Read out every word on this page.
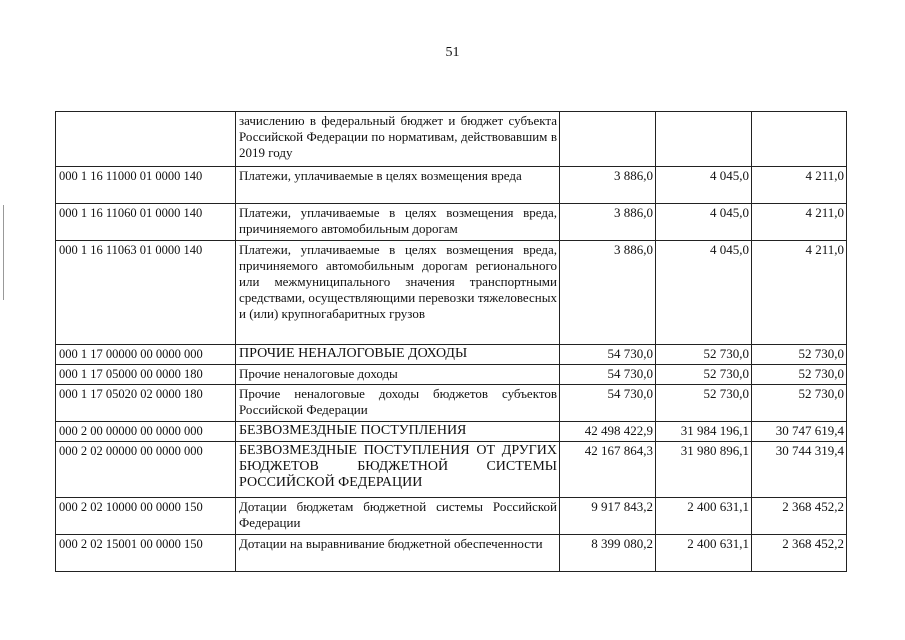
51
	зачислению в федеральный бюджет и бюджет субъекта Российской Федерации по нормативам, действовавшим в 2019 году			
000 1 16 11000 01 0000 140	Платежи, уплачиваемые в целях возмещения вреда	3 886,0	4 045,0	4 211,0
000 1 16 11060 01 0000 140	Платежи, уплачиваемые в целях возмещения вреда, причиняемого автомобильным дорогам	3 886,0	4 045,0	4 211,0
000 1 16 11063 01 0000 140	Платежи, уплачиваемые в целях возмещения вреда, причиняемого автомобильным дорогам регионального или межмуниципального значения транспортными средствами, осуществляющими перевозки тяжеловесных и (или) крупногабаритных грузов	3 886,0	4 045,0	4 211,0
000 1 17 00000 00 0000 000	ПРОЧИЕ НЕНАЛОГОВЫЕ ДОХОДЫ	54 730,0	52 730,0	52 730,0
000 1 17 05000 00 0000 180	Прочие неналоговые доходы	54 730,0	52 730,0	52 730,0
000 1 17 05020 02 0000 180	Прочие неналоговые доходы бюджетов субъектов Российской Федерации	54 730,0	52 730,0	52 730,0
000 2 00 00000 00 0000 000	БЕЗВОЗМЕЗДНЫЕ ПОСТУПЛЕНИЯ	42 498 422,9	31 984 196,1	30 747 619,4
000 2 02 00000 00 0000 000	БЕЗВОЗМЕЗДНЫЕ ПОСТУПЛЕНИЯ ОТ ДРУГИХ БЮДЖЕТОВ БЮДЖЕТНОЙ СИСТЕМЫ РОССИЙСКОЙ ФЕДЕРАЦИИ	42 167 864,3	31 980 896,1	30 744 319,4
000 2 02 10000 00 0000 150	Дотации бюджетам бюджетной системы Российской Федерации	9 917 843,2	2 400 631,1	2 368 452,2
000 2 02 15001 00 0000 150	Дотации на выравнивание бюджетной обеспеченности	8 399 080,2	2 400 631,1	2 368 452,2
